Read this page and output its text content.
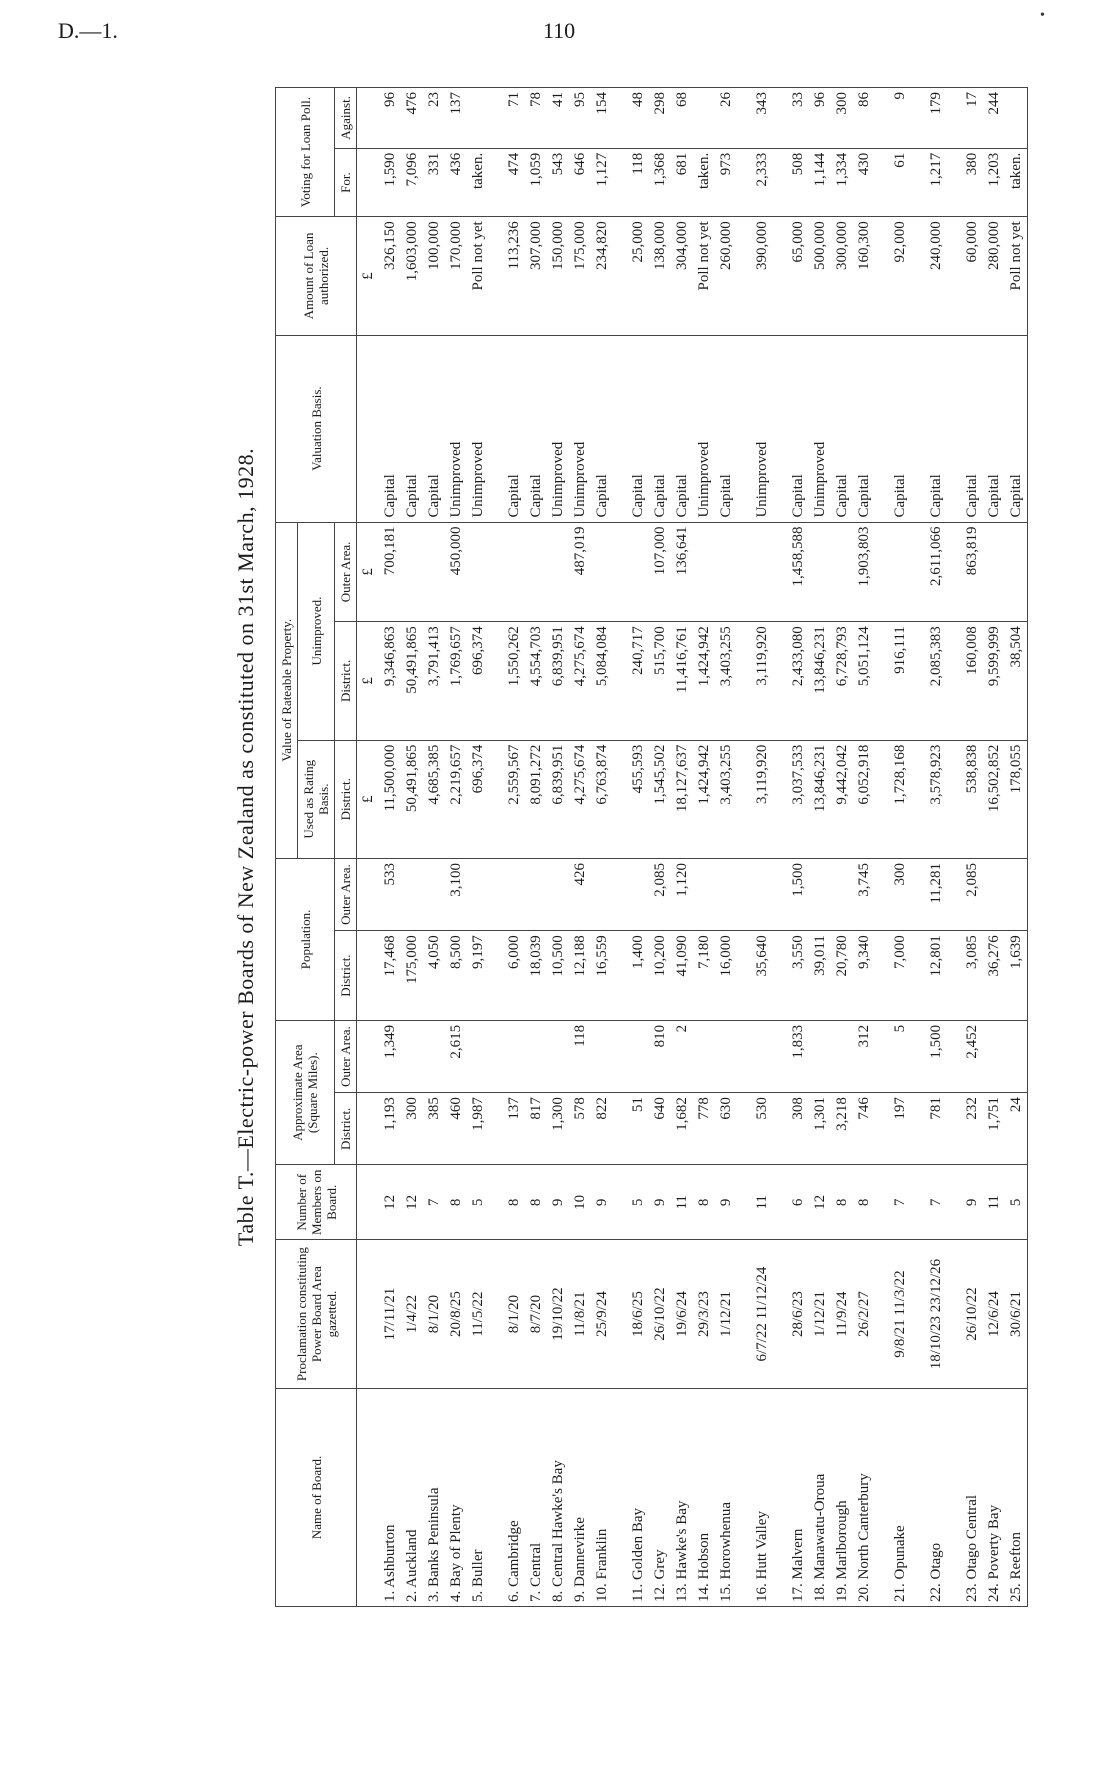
D.—1.	110
•
Table T.—Electric-power Boards of New Zealand as constituted on 31st March, 1928.
Name of Board.	Proclamation constituting Power Board Area gazetted.	Number of Members on Board.	Approximate Area (Square Miles).		Population.		Value of Rateable Property.			Valuation Basis.	Amount of Loan authorized.	Voting for Loan Poll.	
							Used as Rating Basis.	Unimproved.					
			District.	Outer Area.	District.	Outer Area.	District.	District.	Outer Area.			For.	Against.
							£	£	£		£		
1. Ashburton	17/11/21	12	1,193	1,349	17,468	533	11,500,000	9,346,863	700,181	Capital	326,150	1,590	96
2. Auckland	1/4/22	12	300		175,000		50,491,865	50,491,865		Capital	1,603,000	7,096	476
3. Banks Peninsula	8/1/20	7	385		4,050		4,685,385	3,791,413		Capital	100,000	331	23
4. Bay of Plenty	20/8/25	8	460	2,615	8,500	3,100	2,219,657	1,769,657	450,000	Unimproved	170,000	436	137
5. Buller	11/5/22	5	1,987		9,197		696,374	696,374		Unimproved	Poll not yet	taken.	

6. Cambridge	8/1/20	8	137		6,000		2,559,567	1,550,262		Capital	113,236	474	71
7. Central	8/7/20	8	817		18,039		8,091,272	4,554,703		Capital	307,000	1,059	78
8. Central Hawke's Bay	19/10/22	9	1,300		10,500		6,839,951	6,839,951		Unimproved	150,000	543	41
9. Dannevirke	11/8/21	10	578	118	12,188	426	4,275,674	4,275,674	487,019	Unimproved	175,000	646	95
10. Franklin	25/9/24	9	822		16,559		6,763,874	5,084,084		Capital	234,820	1,127	154

11. Golden Bay	18/6/25	5	51		1,400		455,593	240,717		Capital	25,000	118	48
12. Grey	26/10/22	9	640	810	10,200	2,085	1,545,502	515,700	107,000	Capital	138,000	1,368	298
13. Hawke's Bay	19/6/24	11	1,682	2	41,090	1,120	18,127,637	11,416,761	136,641	Capital	304,000	681	68
14. Hobson	29/3/23	8	778		7,180		1,424,942	1,424,942		Unimproved	Poll not yet	taken.	
15. Horowhenua	1/12/21	9	630		16,000		3,403,255	3,403,255		Capital	260,000	973	26

16. Hutt Valley	6/7/22 11/12/24	11	530		35,640		3,119,920	3,119,920		Unimproved	390,000	2,333	343

17. Malvern	28/6/23	6	308	1,833	3,550	1,500	3,037,533	2,433,080	1,458,588	Capital	65,000	508	33
18. Manawatu-Oroua	1/12/21	12	1,301		39,011		13,846,231	13,846,231		Unimproved	500,000	1,144	96
19. Marlborough	11/9/24	8	3,218		20,780		9,442,042	6,728,793		Capital	300,000	1,334	300
20. North Canterbury	26/2/27	8	746	312	9,340	3,745	6,052,918	5,051,124	1,903,803	Capital	160,300	430	86

21. Opunake	9/8/21 11/3/22	7	197	5	7,000	300	1,728,168	916,111		Capital	92,000	61	9

22. Otago	18/10/23 23/12/26	7	781	1,500	12,801	11,281	3,578,923	2,085,383	2,611,066	Capital	240,000	1,217	179

23. Otago Central	26/10/22	9	232	2,452	3,085	2,085	538,838	160,008	863,819	Capital	60,000	380	17
24. Poverty Bay	12/6/24	11	1,751		36,276		16,502,852	9,599,999		Capital	280,000	1,203	244
25. Reefton	30/6/21	5	24		1,639		178,055	38,504		Capital	Poll not yet	taken.	
